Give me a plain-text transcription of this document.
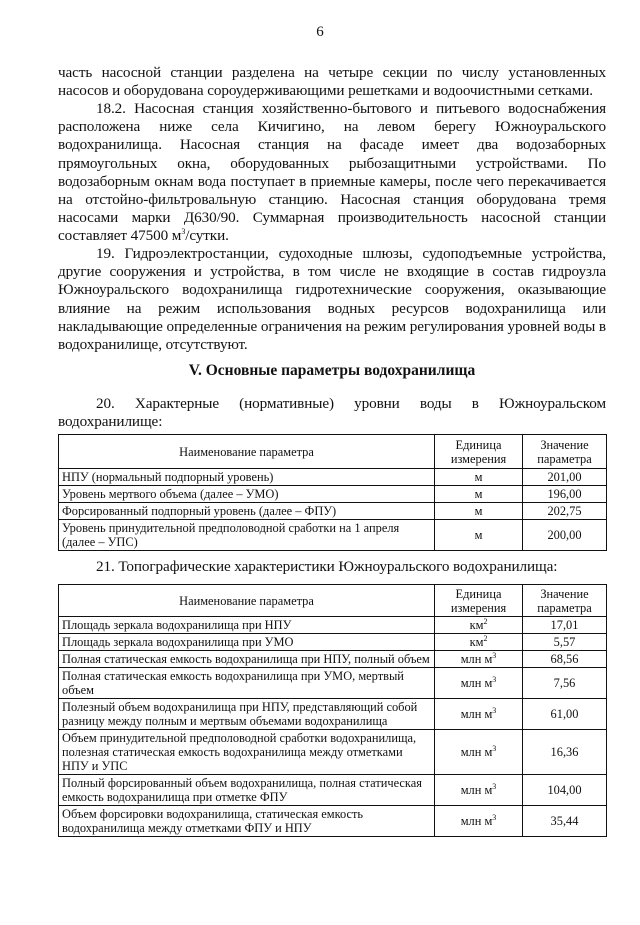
6

часть насосной станции разделена на четыре секции по числу установленных насосов и оборудована сороудерживающими решетками и водоочистными сетками.

18.2. Насосная станция хозяйственно-бытового и питьевого водоснабжения расположена ниже села Кичигино, на левом берегу Южноуральского водохранилища. Насосная станция на фасаде имеет два водозаборных прямоугольных окна, оборудованных рыбозащитными устройствами. По водозаборным окнам вода поступает в приемные камеры, после чего перекачивается на отстойно-фильтровальную станцию. Насосная станция оборудована тремя насосами марки Д630/90. Суммарная производительность насосной станции составляет 47500 $м^3$/сутки.

19. Гидроэлектростанции, судоходные шлюзы, судоподъемные устройства, другие сооружения и устройства, в том числе не входящие в состав гидроузла Южноуральского водохранилища гидротехнические сооружения, оказывающие влияние на режим использования водных ресурсов водохранилища или накладывающие определенные ограничения на режим регулирования уровней воды в водохранилище, отсутствуют.

V. Основные параметры водохранилища

20. Характерные (нормативные) уровни воды в Южноуральском водохранилище:

Наименование параметра	Единица измерения	Значение параметра
НПУ (нормальный подпорный уровень)	м	201,00
Уровень мертвого объема (далее – УМО)	м	196,00
Форсированный подпорный уровень (далее – ФПУ)	м	202,75
Уровень принудительной предполоводной сработки на 1 апреля (далее – УПС)	м	200,00

21. Топографические характеристики Южноуральского водохранилища:

Наименование параметра	Единица измерения	Значение параметра
Площадь зеркала водохранилища при НПУ	$км^2$	17,01
Площадь зеркала водохранилища при УМО	$км^2$	5,57
Полная статическая емкость водохранилища при НПУ, полный объем	млн $м^3$	68,56
Полная статическая емкость водохранилища при УМО, мертвый объем	млн $м^3$	7,56
Полезный объем водохранилища при НПУ, представляющий собой разницу между полным и мертвым объемами водохранилища	млн $м^3$	61,00
Объем принудительной предполоводной сработки водохранилища, полезная статическая емкость водохранилища между отметками НПУ и УПС	млн $м^3$	16,36
Полный форсированный объем водохранилища, полная статическая емкость водохранилища при отметке ФПУ	млн $м^3$	104,00
Объем форсировки водохранилища, статическая емкость водохранилища между отметками ФПУ и НПУ	млн $м^3$	35,44
